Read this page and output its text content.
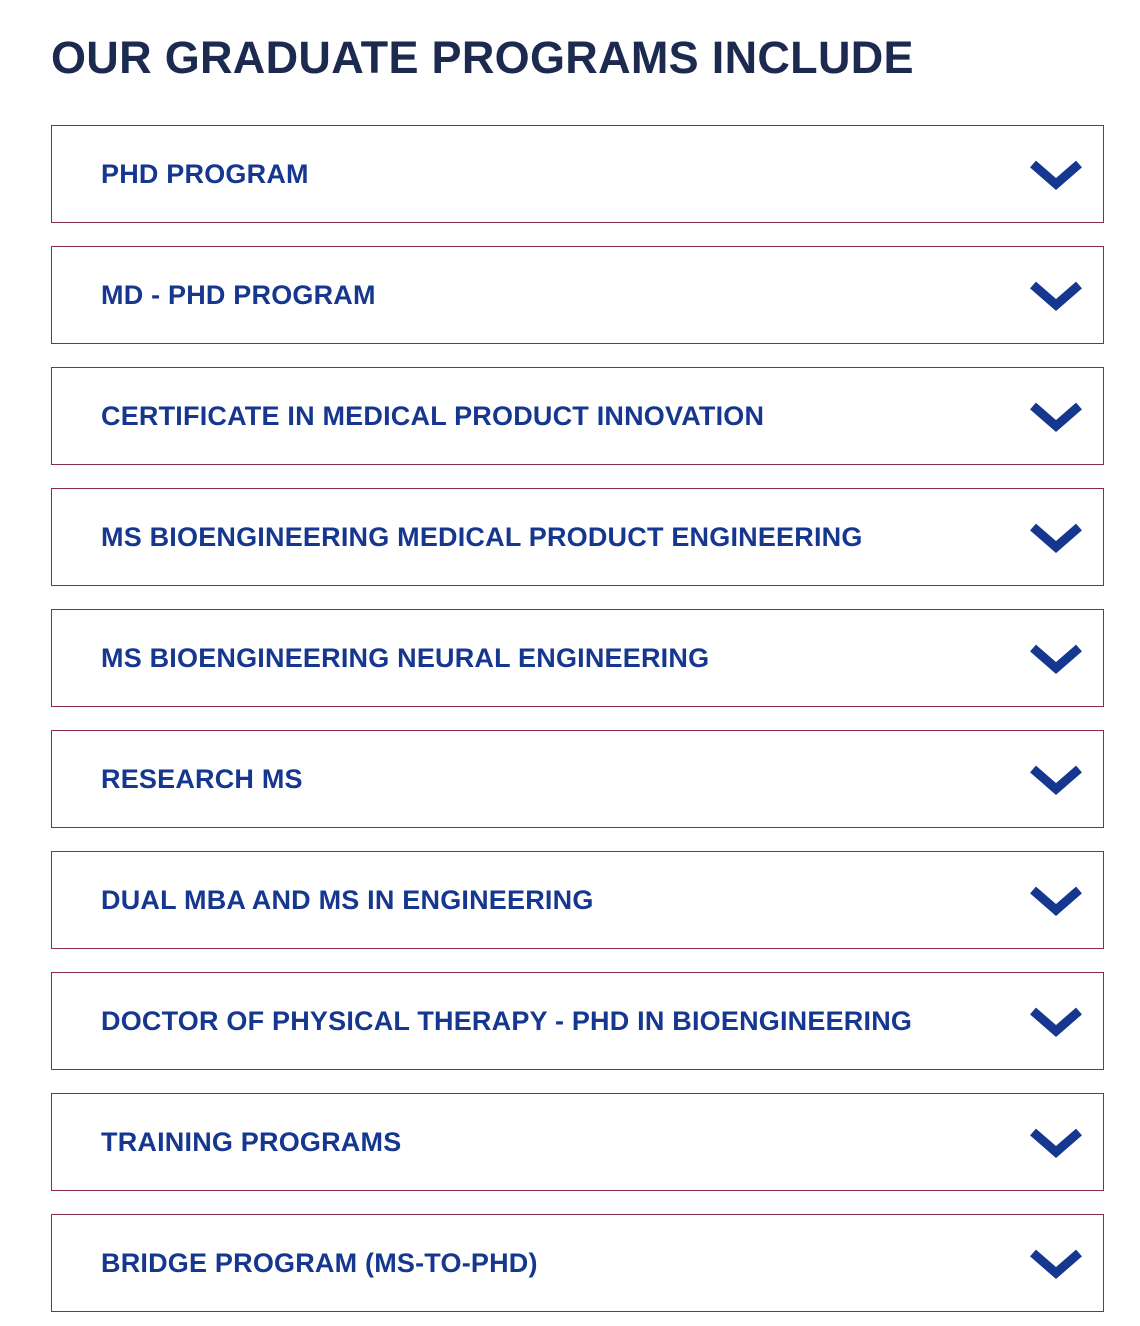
OUR GRADUATE PROGRAMS INCLUDE
PHD PROGRAM
MD - PHD PROGRAM
CERTIFICATE IN MEDICAL PRODUCT INNOVATION
MS BIOENGINEERING MEDICAL PRODUCT ENGINEERING
MS BIOENGINEERING NEURAL ENGINEERING
RESEARCH MS
DUAL MBA AND MS IN ENGINEERING
DOCTOR OF PHYSICAL THERAPY - PHD IN BIOENGINEERING
TRAINING PROGRAMS
BRIDGE PROGRAM (MS-TO-PHD)
